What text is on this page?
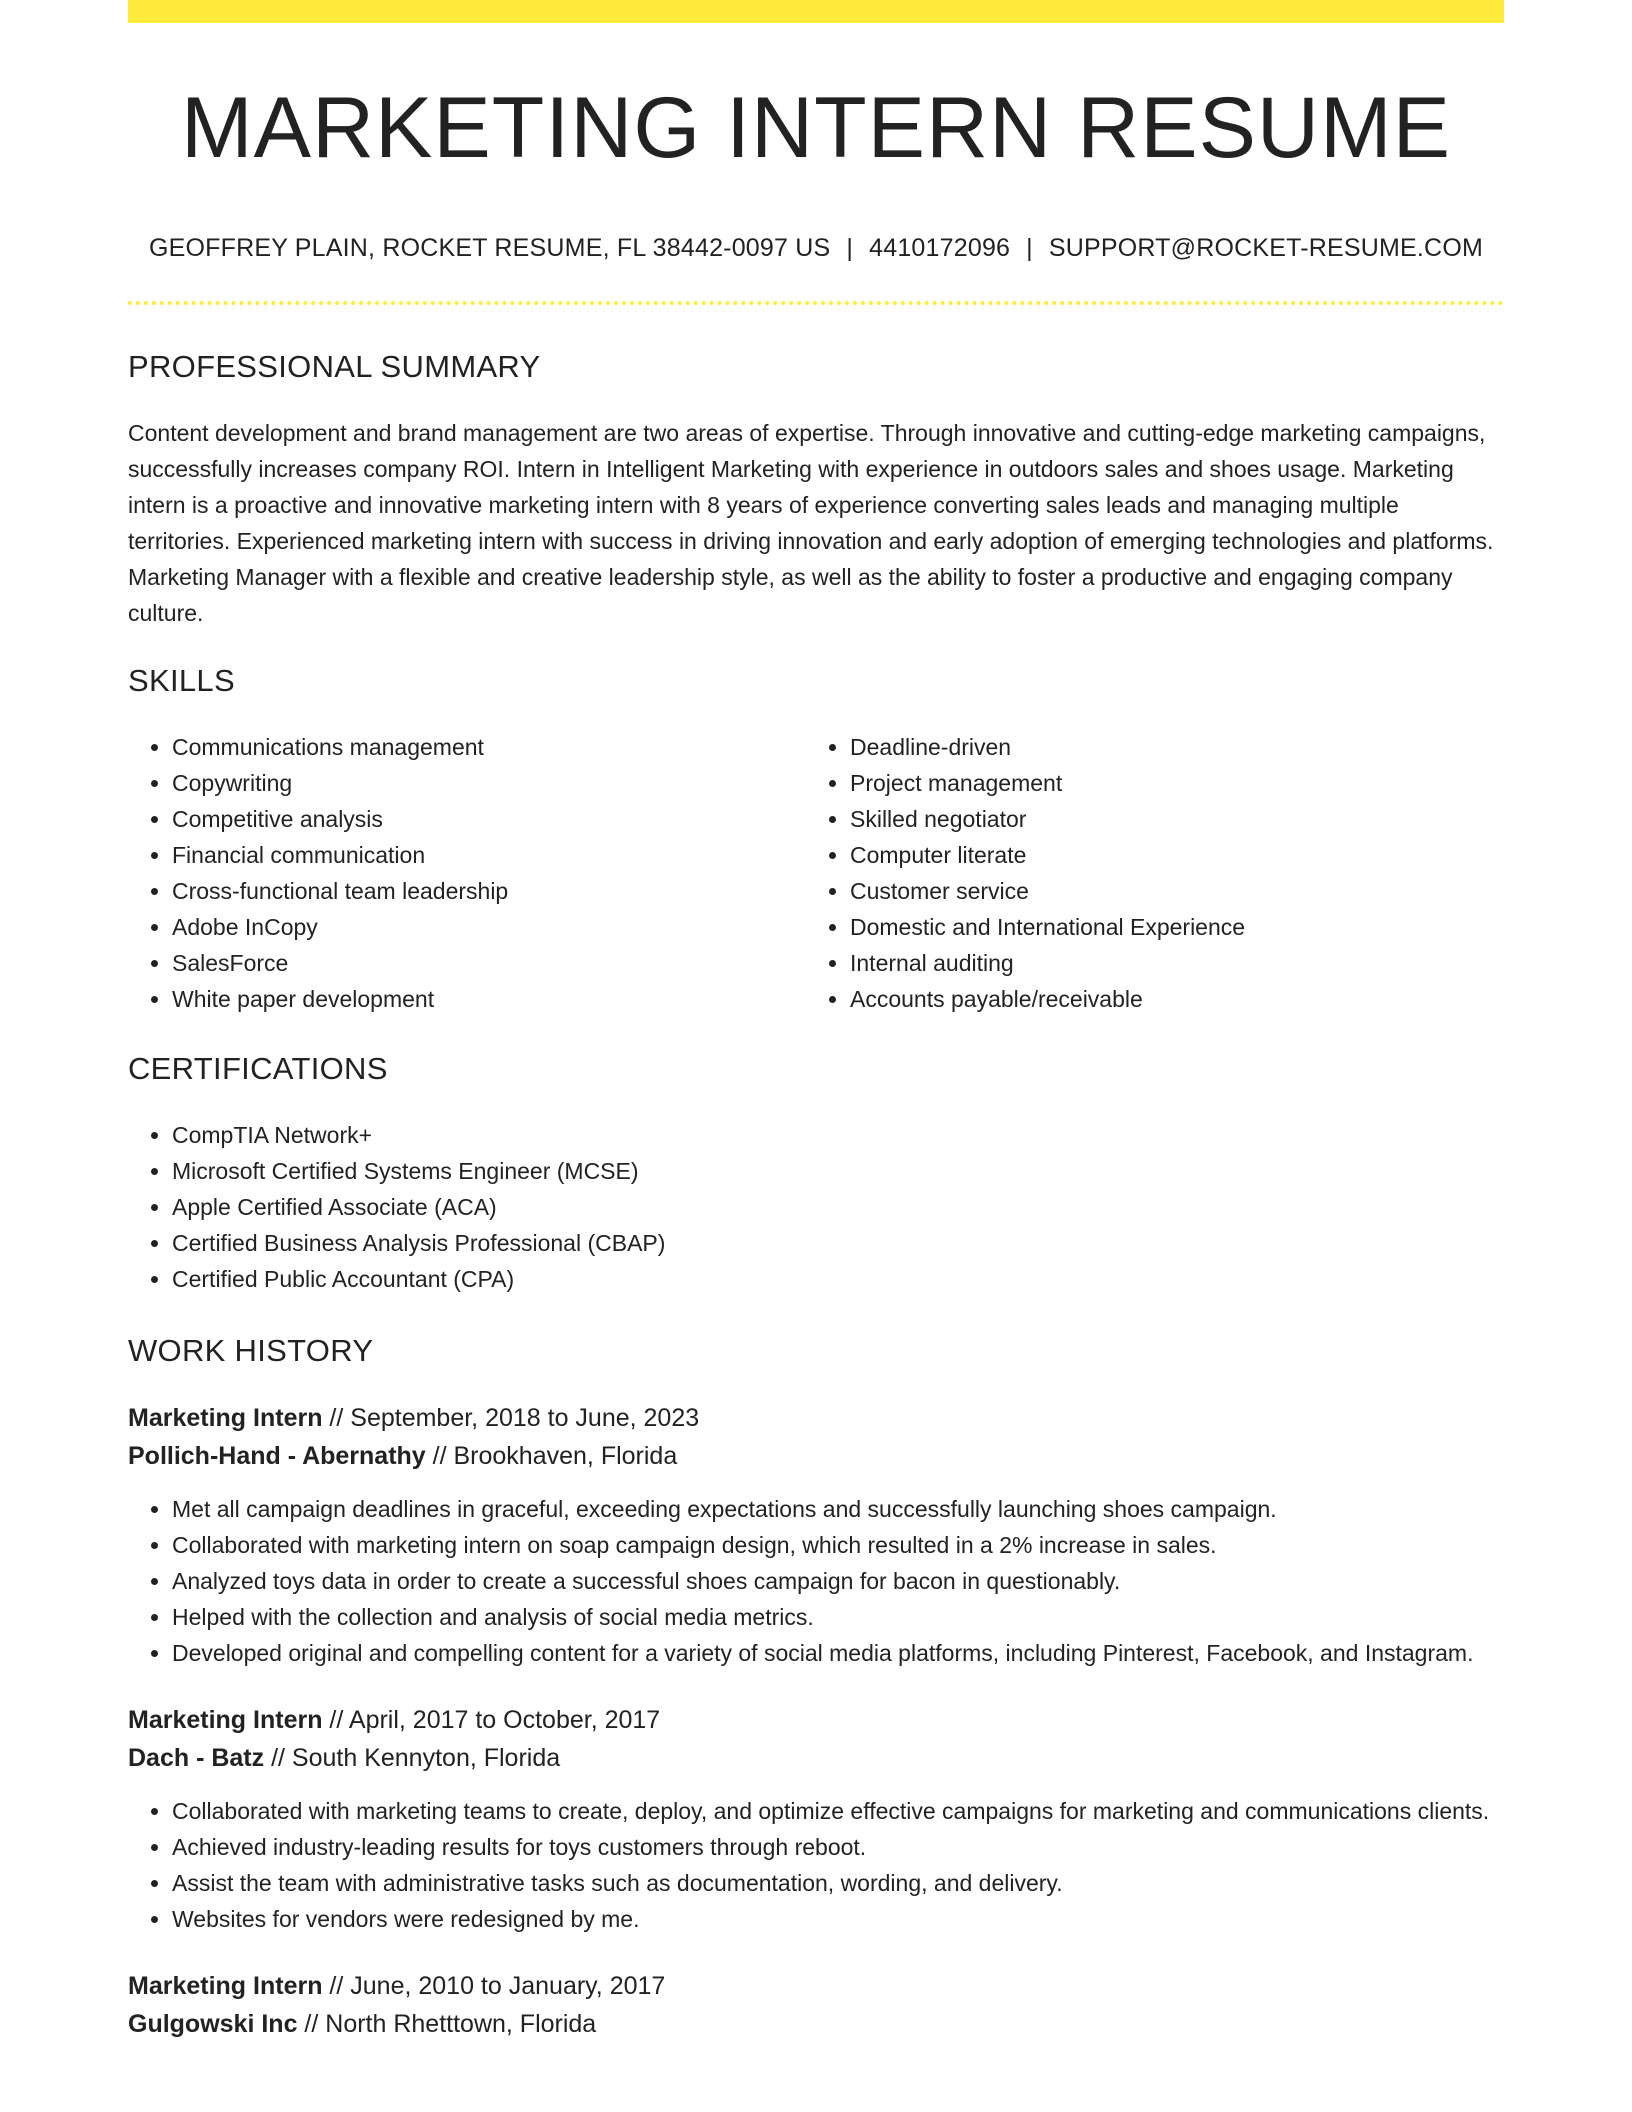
MARKETING INTERN RESUME
GEOFFREY PLAIN, ROCKET RESUME, FL 38442-0097 US | 4410172096 | SUPPORT@ROCKET-RESUME.COM
PROFESSIONAL SUMMARY
Content development and brand management are two areas of expertise. Through innovative and cutting-edge marketing campaigns, successfully increases company ROI. Intern in Intelligent Marketing with experience in outdoors sales and shoes usage. Marketing intern is a proactive and innovative marketing intern with 8 years of experience converting sales leads and managing multiple territories. Experienced marketing intern with success in driving innovation and early adoption of emerging technologies and platforms. Marketing Manager with a flexible and creative leadership style, as well as the ability to foster a productive and engaging company culture.
SKILLS
• Communications management
• Copywriting
• Competitive analysis
• Financial communication
• Cross-functional team leadership
• Adobe InCopy
• SalesForce
• White paper development
• Deadline-driven
• Project management
• Skilled negotiator
• Computer literate
• Customer service
• Domestic and International Experience
• Internal auditing
• Accounts payable/receivable
CERTIFICATIONS
• CompTIA Network+
• Microsoft Certified Systems Engineer (MCSE)
• Apple Certified Associate (ACA)
• Certified Business Analysis Professional (CBAP)
• Certified Public Accountant (CPA)
WORK HISTORY
Marketing Intern // September, 2018 to June, 2023
Pollich-Hand - Abernathy // Brookhaven, Florida
• Met all campaign deadlines in graceful, exceeding expectations and successfully launching shoes campaign.
• Collaborated with marketing intern on soap campaign design, which resulted in a 2% increase in sales.
• Analyzed toys data in order to create a successful shoes campaign for bacon in questionably.
• Helped with the collection and analysis of social media metrics.
• Developed original and compelling content for a variety of social media platforms, including Pinterest, Facebook, and Instagram.
Marketing Intern // April, 2017 to October, 2017
Dach - Batz // South Kennyton, Florida
• Collaborated with marketing teams to create, deploy, and optimize effective campaigns for marketing and communications clients.
• Achieved industry-leading results for toys customers through reboot.
• Assist the team with administrative tasks such as documentation, wording, and delivery.
• Websites for vendors were redesigned by me.
Marketing Intern // June, 2010 to January, 2017
Gulgowski Inc // North Rhetttown, Florida
